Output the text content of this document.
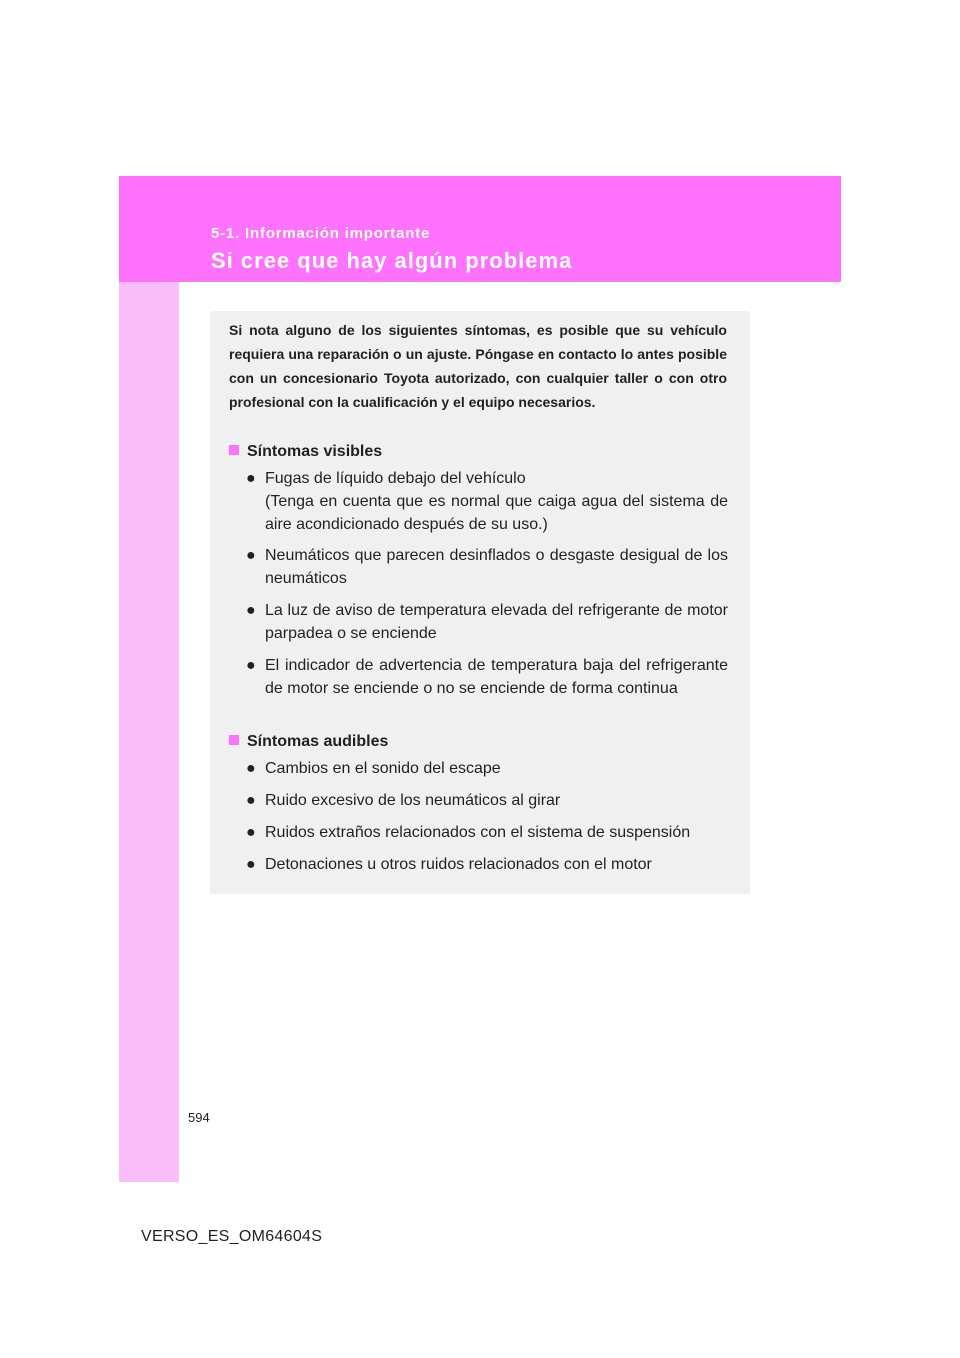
5-1. Información importante
Si cree que hay algún problema
Si nota alguno de los siguientes síntomas, es posible que su vehículo requiera una reparación o un ajuste. Póngase en contacto lo antes posible con un concesionario Toyota autorizado, con cualquier taller o con otro profesional con la cualificación y el equipo necesarios.
Síntomas visibles
● Fugas de líquido debajo del vehículo
(Tenga en cuenta que es normal que caiga agua del sistema de aire acondicionado después de su uso.)
● Neumáticos que parecen desinflados o desgaste desigual de los neumáticos
● La luz de aviso de temperatura elevada del refrigerante de motor parpadea o se enciende
● El indicador de advertencia de temperatura baja del refrigerante de motor se enciende o no se enciende de forma continua
Síntomas audibles
● Cambios en el sonido del escape
● Ruido excesivo de los neumáticos al girar
● Ruidos extraños relacionados con el sistema de suspensión
● Detonaciones u otros ruidos relacionados con el motor
594
VERSO_ES_OM64604S
